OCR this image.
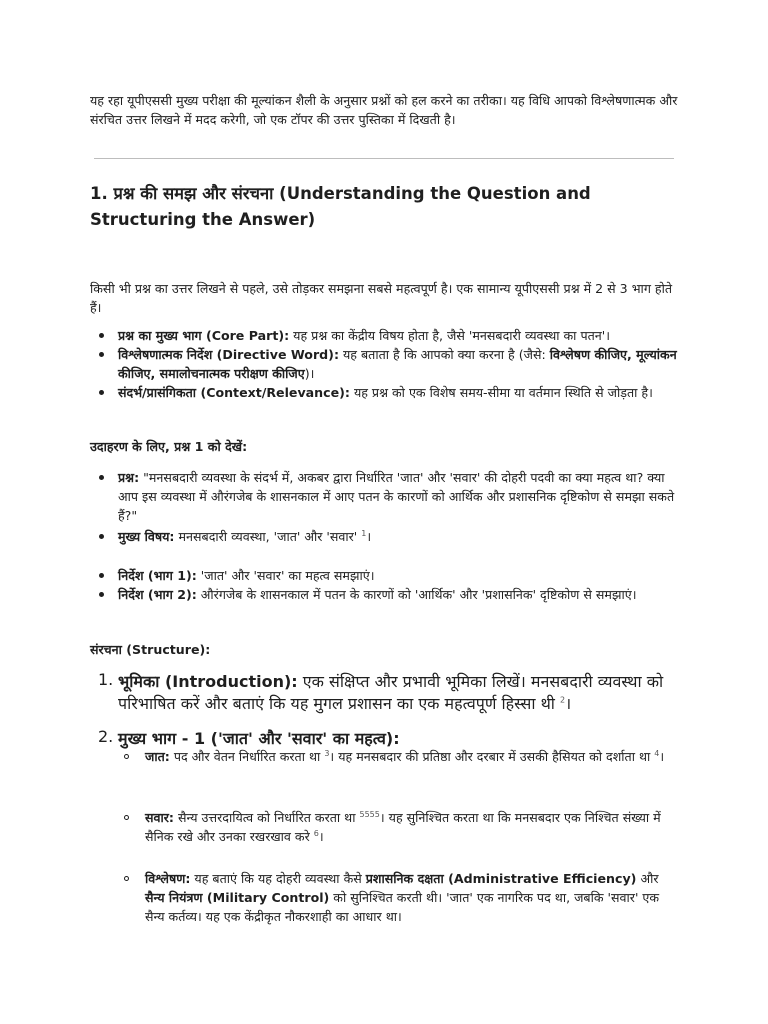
यह रहा यूपीएससी मुख्य परीक्षा की मूल्यांकन शैली के अनुसार प्रश्नों को हल करने का तरीका। यह विधि आपको विश्लेषणात्मक और संरचित उत्तर लिखने में मदद करेगी, जो एक टॉपर की उत्तर पुस्तिका में दिखती है।

1. प्रश्न की समझ और संरचना (Understanding the Question and Structuring the Answer)

किसी भी प्रश्न का उत्तर लिखने से पहले, उसे तोड़कर समझना सबसे महत्वपूर्ण है। एक सामान्य यूपीएससी प्रश्न में 2 से 3 भाग होते हैं।

प्रश्न का मुख्य भाग (Core Part): यह प्रश्न का केंद्रीय विषय होता है, जैसे 'मनसबदारी व्यवस्था का पतन'।
विश्लेषणात्मक निर्देश (Directive Word): यह बताता है कि आपको क्या करना है (जैसे: विश्लेषण कीजिए, मूल्यांकन कीजिए, समालोचनात्मक परीक्षण कीजिए)।
संदर्भ/प्रासंगिकता (Context/Relevance): यह प्रश्न को एक विशेष समय-सीमा या वर्तमान स्थिति से जोड़ता है।

उदाहरण के लिए, प्रश्न 1 को देखें:

प्रश्न: "मनसबदारी व्यवस्था के संदर्भ में, अकबर द्वारा निर्धारित 'जात' और 'सवार' की दोहरी पदवी का क्या महत्व था? क्या आप इस व्यवस्था में औरंगजेब के शासनकाल में आए पतन के कारणों को आर्थिक और प्रशासनिक दृष्टिकोण से समझा सकते हैं?"
मुख्य विषय: मनसबदारी व्यवस्था, 'जात' और 'सवार' $^1$।
निर्देश (भाग 1): 'जात' और 'सवार' का महत्व समझाएं।
निर्देश (भाग 2): औरंगजेब के शासनकाल में पतन के कारणों को 'आर्थिक' और 'प्रशासनिक' दृष्टिकोण से समझाएं।

संरचना (Structure):

1. भूमिका (Introduction): एक संक्षिप्त और प्रभावी भूमिका लिखें। मनसबदारी व्यवस्था को परिभाषित करें और बताएं कि यह मुगल प्रशासन का एक महत्वपूर्ण हिस्सा थी $^2$।
2. मुख्य भाग - 1 ('जात' और 'सवार' का महत्व):
जात: पद और वेतन निर्धारित करता था $^3$। यह मनसबदार की प्रतिष्ठा और दरबार में उसकी हैसियत को दर्शाता था $^4$।
सवार: सैन्य उत्तरदायित्व को निर्धारित करता था $^{5555}$। यह सुनिश्चित करता था कि मनसबदार एक निश्चित संख्या में सैनिक रखे और उनका रखरखाव करे $^6$।
विश्लेषण: यह बताएं कि यह दोहरी व्यवस्था कैसे प्रशासनिक दक्षता (Administrative Efficiency) और सैन्य नियंत्रण (Military Control) को सुनिश्चित करती थी। 'जात' एक नागरिक पद था, जबकि 'सवार' एक सैन्य कर्तव्य। यह एक केंद्रीकृत नौकरशाही का आधार था।
